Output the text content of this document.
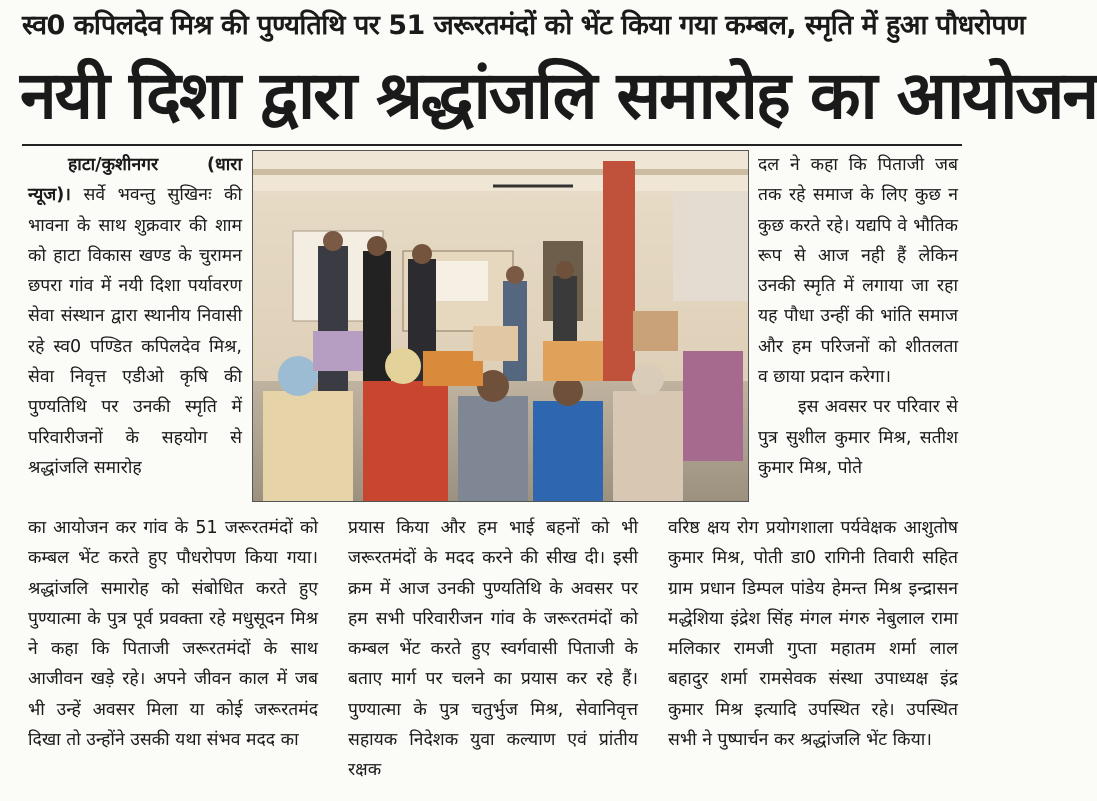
स्व0 कपिलदेव मिश्र की पुण्यतिथि पर 51 जरूरतमंदों को भेंट किया गया कम्बल, स्मृति में हुआ पौधरोपण
नयी दिशा द्वारा श्रद्धांजलि समारोह का आयोजन

हाटा/कुशीनगर (धारा न्यूज)। सर्वे भवन्तु सुखिनः की भावना के साथ शुक्रवार की शाम को हाटा विकास खण्ड के चुरामन छपरा गांव में नयी दिशा पर्यावरण सेवा संस्थान द्वारा स्थानीय निवासी रहे स्व0 पण्डित कपिलदेव मिश्र, सेवा निवृत्त एडीओ कृषि की पुण्यतिथि पर उनकी स्मृति में परिवारीजनों के सहयोग से श्रद्धांजलि समारोह

दल ने कहा कि पिताजी जब तक रहे समाज के लिए कुछ न कुछ करते रहे। यद्यपि वे भौतिक रूप से आज नही हैं लेकिन उनकी स्मृति में लगाया जा रहा यह पौधा उन्हीं की भांति समाज और हम परिजनों को शीतलता व छाया प्रदान करेगा।

इस अवसर पर परिवार से पुत्र सुशील कुमार मिश्र, सतीश कुमार मिश्र, पोते

का आयोजन कर गांव के 51 जरूरतमंदों को कम्बल भेंट करते हुए पौधरोपण किया गया। श्रद्धांजलि समारोह को संबोधित करते हुए पुण्यात्मा के पुत्र पूर्व प्रवक्ता रहे मधुसूदन मिश्र ने कहा कि पिताजी जरूरतमंदों के साथ आजीवन खड़े रहे। अपने जीवन काल में जब भी उन्हें अवसर मिला या कोई जरूरतमंद दिखा तो उन्होंने उसकी यथा संभव मदद का

प्रयास किया और हम भाई बहनों को भी जरूरतमंदों के मदद करने की सीख दी। इसी क्रम में आज उनकी पुण्यतिथि के अवसर पर हम सभी परिवारीजन गांव के जरूरतमंदों को कम्बल भेंट करते हुए स्वर्गवासी पिताजी के बताए मार्ग पर चलने का प्रयास कर रहे हैं। पुण्यात्मा के पुत्र चतुर्भुज मिश्र, सेवानिवृत्त सहायक निदेशक युवा कल्याण एवं प्रांतीय रक्षक

वरिष्ठ क्षय रोग प्रयोगशाला पर्यवेक्षक आशुतोष कुमार मिश्र, पोती डा0 रागिनी तिवारी सहित ग्राम प्रधान डिम्पल पांडेय हेमन्त मिश्र इन्द्रासन मद्धेशिया इंद्रेश सिंह मंगल मंगरु नेबुलाल रामा मलिकार रामजी गुप्ता महातम शर्मा लाल बहादुर शर्मा रामसेवक संस्था उपाध्यक्ष इंद्र कुमार मिश्र इत्यादि उपस्थित रहे। उपस्थित सभी ने पुष्पार्चन कर श्रद्धांजलि भेंट किया।
